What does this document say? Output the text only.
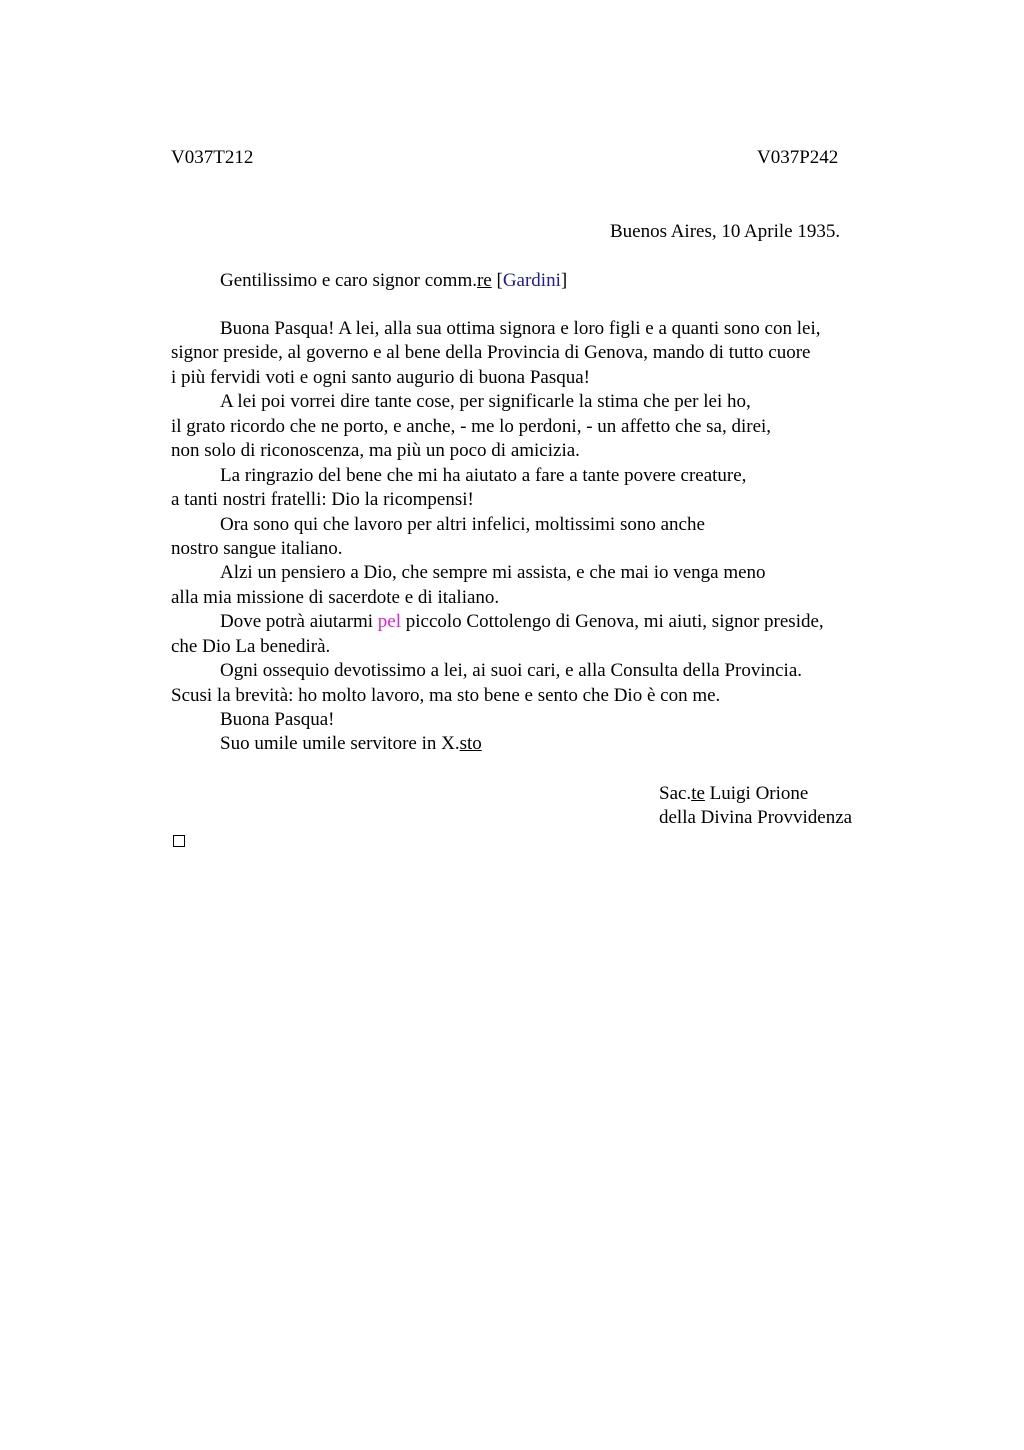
V037T212	V037P242
Buenos Aires, 10 Aprile 1935.
Gentilissimo e caro signor comm.re [Gardini]
Buona Pasqua! A lei, alla sua ottima signora e loro figli e a quanti sono con lei,
signor preside, al governo e al bene della Provincia di Genova, mando di tutto cuore
i più fervidi voti e ogni santo augurio di buona Pasqua!
A lei poi vorrei dire tante cose, per significarle la stima che per lei ho,
il grato ricordo che ne porto, e anche, - me lo perdoni, - un affetto che sa, direi,
non solo di riconoscenza, ma più un poco di amicizia.
La ringrazio del bene che mi ha aiutato a fare a tante povere creature,
a tanti nostri fratelli: Dio la ricompensi!
Ora sono qui che lavoro per altri infelici, moltissimi sono anche
nostro sangue italiano.
Alzi un pensiero a Dio, che sempre mi assista, e che mai io venga meno
alla mia missione di sacerdote e di italiano.
Dove potrà aiutarmi pel piccolo Cottolengo di Genova, mi aiuti, signor preside,
che Dio La benedirà.
Ogni ossequio devotissimo a lei, ai suoi cari, e alla Consulta della Provincia.
Scusi la brevità: ho molto lavoro, ma sto bene e sento che Dio è con me.
Buona Pasqua!
Suo umile umile servitore in X.sto
Sac.te Luigi Orione
della Divina Provvidenza
